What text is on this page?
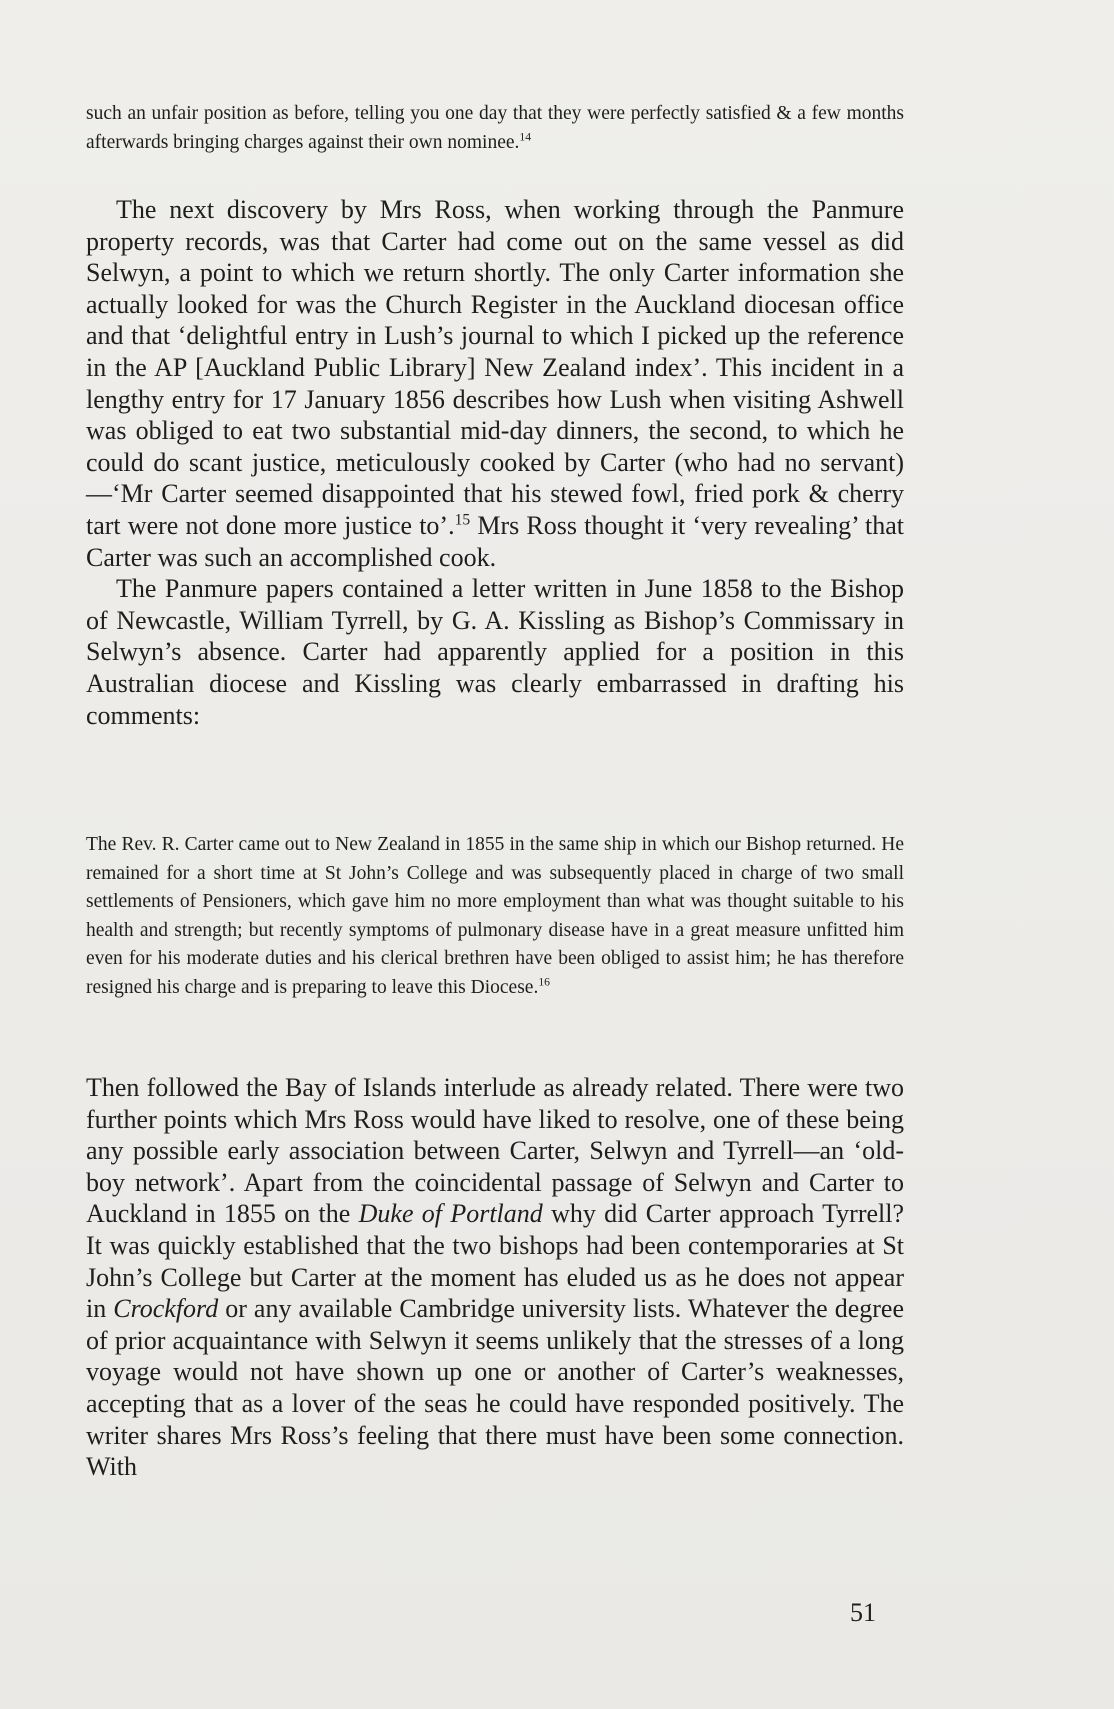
such an unfair position as before, telling you one day that they were perfectly satisfied & a few months afterwards bringing charges against their own nominee.$^{14}$

The next discovery by Mrs Ross, when working through the Panmure property records, was that Carter had come out on the same vessel as did Selwyn, a point to which we return shortly. The only Carter information she actually looked for was the Church Register in the Auckland diocesan office and that ‘delightful entry in Lush’s journal to which I picked up the reference in the AP [Auckland Public Library] New Zealand index’. This incident in a lengthy entry for 17 January 1856 describes how Lush when visiting Ashwell was obliged to eat two substantial mid-day dinners, the second, to which he could do scant justice, meticulously cooked by Carter (who had no servant)—‘Mr Carter seemed disappointed that his stewed fowl, fried pork & cherry tart were not done more justice to’.$^{15}$ Mrs Ross thought it ‘very revealing’ that Carter was such an accomplished cook.

The Panmure papers contained a letter written in June 1858 to the Bishop of Newcastle, William Tyrrell, by G. A. Kissling as Bishop’s Commissary in Selwyn’s absence. Carter had apparently applied for a position in this Australian diocese and Kissling was clearly embarrassed in drafting his comments:

The Rev. R. Carter came out to New Zealand in 1855 in the same ship in which our Bishop returned. He remained for a short time at St John’s College and was subsequently placed in charge of two small settlements of Pensioners, which gave him no more employment than what was thought suitable to his health and strength; but recently symptoms of pulmonary disease have in a great measure unfitted him even for his moderate duties and his clerical brethren have been obliged to assist him; he has therefore resigned his charge and is preparing to leave this Diocese.$^{16}$

Then followed the Bay of Islands interlude as already related. There were two further points which Mrs Ross would have liked to resolve, one of these being any possible early association between Carter, Selwyn and Tyrrell—an ‘old-boy network’. Apart from the coincidental passage of Selwyn and Carter to Auckland in 1855 on the Duke of Portland why did Carter approach Tyrrell? It was quickly established that the two bishops had been contemporaries at St John’s College but Carter at the moment has eluded us as he does not appear in Crockford or any available Cambridge university lists. Whatever the degree of prior acquaintance with Selwyn it seems unlikely that the stresses of a long voyage would not have shown up one or another of Carter’s weaknesses, accepting that as a lover of the seas he could have responded positively. The writer shares Mrs Ross’s feeling that there must have been some connection. With

51
